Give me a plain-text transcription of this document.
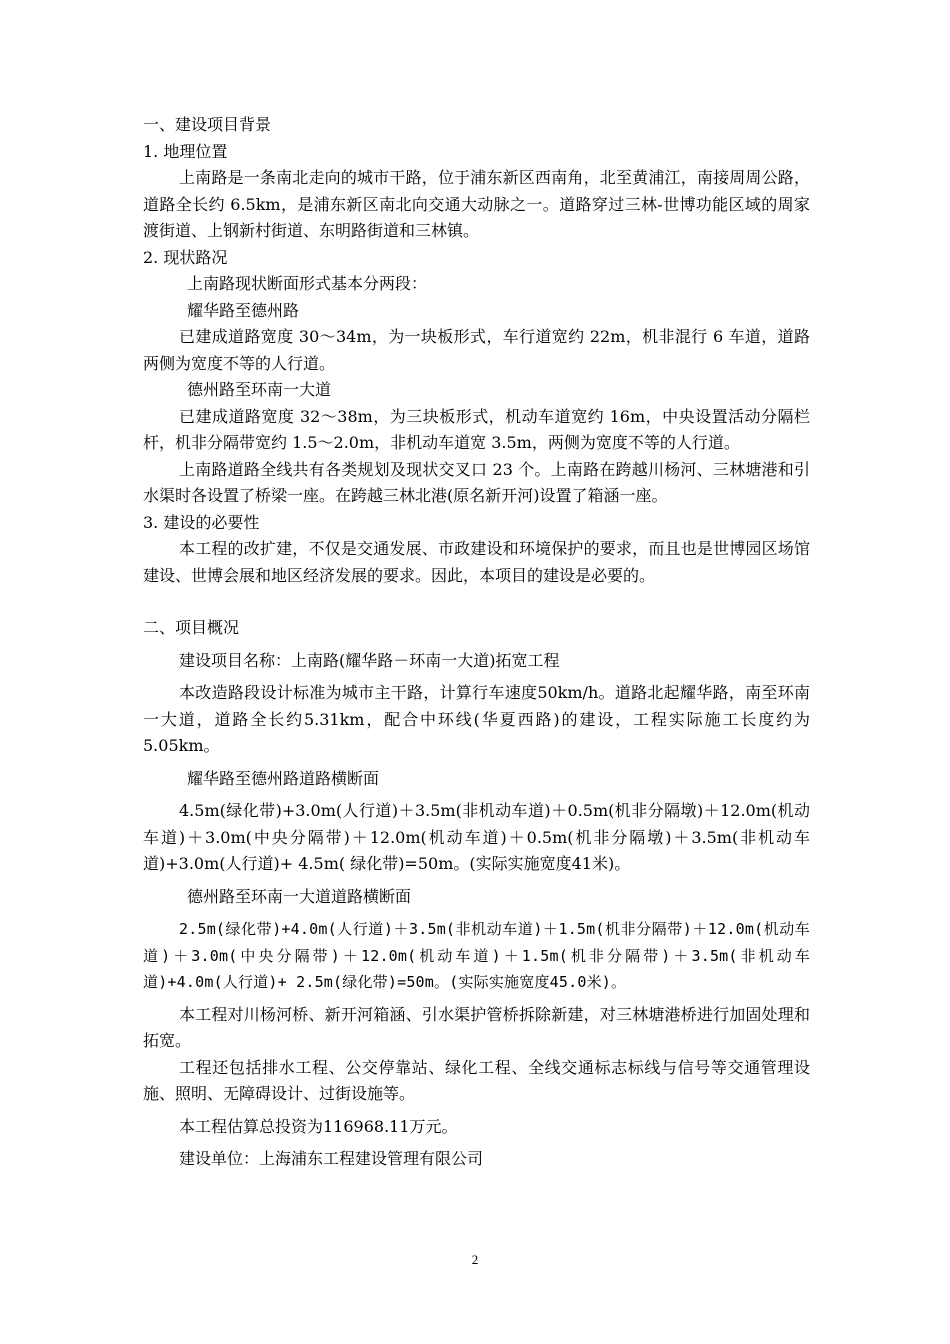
一、建设项目背景

1. 地理位置

上南路是一条南北走向的城市干路，位于浦东新区西南角，北至黄浦江，南接周周公路，道路全长约 6.5km，是浦东新区南北向交通大动脉之一。道路穿过三林-世博功能区域的周家渡街道、上钢新村街道、东明路街道和三林镇。

2. 现状路况

上南路现状断面形式基本分两段：

耀华路至德州路

已建成道路宽度 30～34m，为一块板形式，车行道宽约 22m，机非混行 6 车道，道路两侧为宽度不等的人行道。

德州路至环南一大道

已建成道路宽度 32～38m，为三块板形式，机动车道宽约 16m，中央设置活动分隔栏杆，机非分隔带宽约 1.5～2.0m，非机动车道宽 3.5m，两侧为宽度不等的人行道。

上南路道路全线共有各类规划及现状交叉口 23 个。上南路在跨越川杨河、三林塘港和引水渠时各设置了桥梁一座。在跨越三林北港(原名新开河)设置了箱涵一座。

3. 建设的必要性

本工程的改扩建，不仅是交通发展、市政建设和环境保护的要求，而且也是世博园区场馆建设、世博会展和地区经济发展的要求。因此，本项目的建设是必要的。

二、项目概况

建设项目名称：上南路(耀华路－环南一大道)拓宽工程

本改造路段设计标准为城市主干路，计算行车速度50km/h。道路北起耀华路，南至环南一大道，道路全长约5.31km，配合中环线(华夏西路)的建设，工程实际施工长度约为5.05km。

耀华路至德州路道路横断面

4.5m(绿化带)+3.0m(人行道)＋3.5m(非机动车道)＋0.5m(机非分隔墩)＋12.0m(机动车道)＋3.0m(中央分隔带)＋12.0m(机动车道)＋0.5m(机非分隔墩)＋3.5m(非机动车道)+3.0m(人行道)+ 4.5m( 绿化带)=50m。(实际实施宽度41米)。

德州路至环南一大道道路横断面

2.5m(绿化带)+4.0m(人行道)＋3.5m(非机动车道)＋1.5m(机非分隔带)＋12.0m(机动车道)＋3.0m(中央分隔带)＋12.0m(机动车道)＋1.5m(机非分隔带)＋3.5m(非机动车道)+4.0m(人行道)+ 2.5m(绿化带)=50m。(实际实施宽度45.0米)。

本工程对川杨河桥、新开河箱涵、引水渠护管桥拆除新建，对三林塘港桥进行加固处理和拓宽。

工程还包括排水工程、公交停靠站、绿化工程、全线交通标志标线与信号等交通管理设施、照明、无障碍设计、过街设施等。

本工程估算总投资为116968.11万元。

建设单位：上海浦东工程建设管理有限公司

2
